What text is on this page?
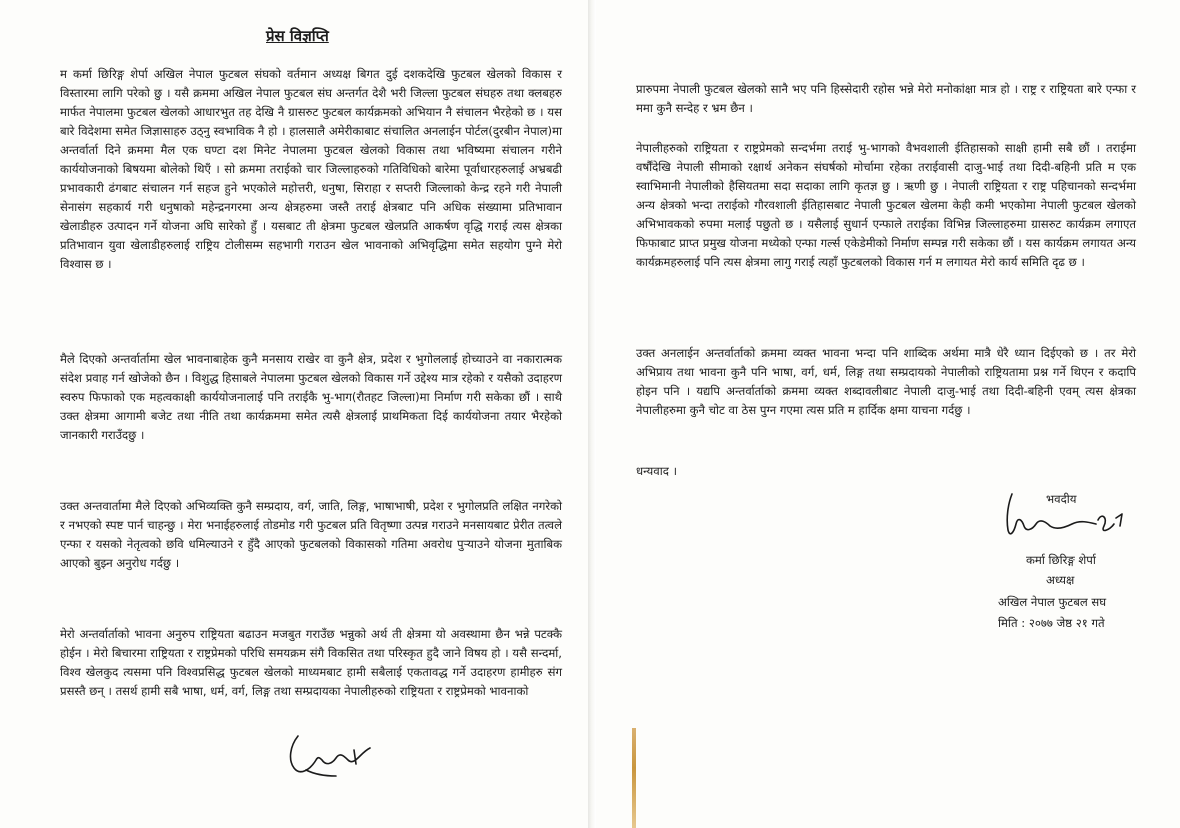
प्रेस विज्ञप्ति

म कर्मा छिरिङ्ग शेर्पा अखिल नेपाल फुटबल संघको वर्तमान अध्यक्ष बिगत दुई दशकदेखि फुटबल खेलको विकास र विस्तारमा लागि परेको छु । यसै क्रममा अखिल नेपाल फुटबल संघ अन्तर्गत देशै भरी जिल्ला फुटबल संघहरु तथा क्लबहरु मार्फत नेपालमा फुटबल खेलको आधारभुत तह देखि नै ग्रासरुट फुटबल कार्यक्रमको अभियान नै संचालन भैरहेको छ । यस बारे विदेशमा समेत जिज्ञासाहरु उठ्नु स्वभाविक नै हो । हालसालै अमेरीकाबाट संचालित अनलाईन पोर्टल(दुरबीन नेपाल)मा अन्तर्वार्ता दिने क्रममा मैल एक घण्टा दश मिनेट नेपालमा फुटबल खेलको विकास तथा भविष्यमा संचालन गरीने कार्ययोजनाको बिषयमा बोलेको थिएँ । सो क्रममा तराईको चार जिल्लाहरुको गतिविधिको बारेमा पूर्वाधारहरुलाई अभ्रबढी प्रभावकारी ढंगबाट संचालन गर्न सहज हुने भएकोले महोत्तरी, धनुषा, सिराहा र सप्तरी जिल्लाको केन्द्र रहने गरी नेपाली सेनासंग सहकार्य गरी धनुषाको महेन्द्रनगरमा अन्य क्षेत्रहरुमा जस्तै तराई क्षेत्रबाट पनि अधिक संख्यामा प्रतिभावान खेलाडीहरु उत्पादन गर्ने योजना अघि सारेको हुँ । यसबाट ती क्षेत्रमा फुटबल खेलप्रति आकर्षण वृद्धि गराई त्यस क्षेत्रका प्रतिभावान युवा खेलाडीहरुलाई राष्ट्रिय टोलीसम्म सहभागी गराउन खेल भावनाको अभिवृद्धिमा समेत सहयोग पुग्ने मेरो विश्वास छ ।

मैले दिएको अन्तर्वार्तामा खेल भावनाबाहेक कुनै मनसाय राखेर वा कुनै क्षेत्र, प्रदेश र भुगोललाई होच्याउने वा नकारात्मक संदेश प्रवाह गर्न खोजेको छैन । विशुद्ध हिसाबले नेपालमा फुटबल खेलको विकास गर्ने उद्देश्य मात्र रहेको र यसैको उदाहरण स्वरुप फिफाको एक महत्वकाक्षी कार्ययोजनालाई पनि तराईकै भु-भाग(रौतहट जिल्ला)मा निर्माण गरी सकेका छौं । साथै उक्त क्षेत्रमा आगामी बजेट तथा नीति तथा कार्यक्रममा समेत त्यसै क्षेत्रलाई प्राथमिकता दिई कार्ययोजना तयार भैरहेको जानकारी गराउँदछु ।

उक्त अन्तवार्तामा मैले दिएको अभिव्यक्ति कुनै सम्प्रदाय, वर्ग, जाति, लिङ्ग, भाषाभाषी, प्रदेश र भुगोलप्रति लक्षित नगरेको र नभएको स्पष्ट पार्न चाहन्छु । मेरा भनाईहरुलाई तोडमोड गरी फुटबल प्रति वितृष्णा उत्पन्न गराउने मनसायबाट प्रेरीत तत्वले एन्फा र यसको नेतृत्वको छवि धमिल्याउने र हुँदै आएको फुटबलको विकासको गतिमा अवरोध पुऱ्याउने योजना मुताबिक आएको बुझ्न अनुरोध गर्दछु ।

मेरो अन्तर्वार्ताको भावना अनुरुप राष्ट्रियता बढाउन मजबुत गराउँछ भन्नुको अर्थ ती क्षेत्रमा यो अवस्थामा छैन भन्ने पटक्कै होईन । मेरो बिचारमा राष्ट्रियता र राष्ट्रप्रेमको परिधि समयक्रम संगै विकसित तथा परिस्कृत हुदै जाने विषय हो । यसै सन्दर्मा, विश्व खेलकुद त्यसमा पनि विश्वप्रसिद्ध फुटबल खेलको माध्यमबाट हामी सबैलाई एकतावद्ध गर्ने उदाहरण हामीहरु संग प्रसस्तै छन् । तसर्थ हामी सबै भाषा, धर्म, वर्ग, लिङ्ग तथा सम्प्रदायका नेपालीहरुको राष्ट्रियता र राष्ट्रप्रेमको भावनाको

प्रारुपमा नेपाली फुटबल खेलको सानै भए पनि हिस्सेदारी रहोस भन्ने मेरो मनोकांक्षा मात्र हो । राष्ट्र र राष्ट्रियता बारे एन्फा र ममा कुनै सन्देह र भ्रम छैन ।

नेपालीहरुको राष्ट्रियता र राष्ट्रप्रेमको सन्दर्भमा तराई भु-भागको वैभवशाली ईतिहासको साक्षी हामी सबै छौं । तराईमा वर्षौंदेखि नेपाली सीमाको रक्षार्थ अनेकन संघर्षको मोर्चामा रहेका तराईवासी दाजु-भाई तथा दिदी-बहिनी प्रति म एक स्वाभिमानी नेपालीको हैसियतमा सदा सदाका लागि कृतज्ञ छु । ऋणी छु । नेपाली राष्ट्रियता र राष्ट्र पहिचानको सन्दर्भमा अन्य क्षेत्रको भन्दा तराईको गौरवशाली ईतिहासबाट नेपाली फुटबल खेलमा केही कमी भएकोमा नेपाली फुटबल खेलको अभिभावकको रुपमा मलाई पछुतो छ । यसैलाई सुधार्न एन्फाले तराईका विभिन्न जिल्लाहरुमा ग्रासरुट कार्यक्रम लगाएत फिफाबाट प्राप्त प्रमुख योजना मध्येको एन्फा गर्ल्स एकेडेमीको निर्माण सम्पन्न गरी सकेका छौं । यस कार्यक्रम लगायत अन्य कार्यक्रमहरुलाई पनि त्यस क्षेत्रमा लागु गराई त्यहाँ फुटबलको विकास गर्न म लगायत मेरो कार्य समिति दृढ छ ।

उक्त अनलाईन अन्तर्वार्ताको क्रममा व्यक्त भावना भन्दा पनि शाब्दिक अर्थमा मात्रै धेरै ध्यान दिईएको छ । तर मेरो अभिप्राय तथा भावना कुनै पनि भाषा, वर्ग, धर्म, लिङ्ग तथा सम्प्रदायको नेपालीको राष्ट्रियतामा प्रश्न गर्ने थिएन र कदापि होइन पनि । यद्यपि अन्तर्वार्ताको क्रममा व्यक्त शब्दावलीबाट नेपाली दाजु-भाई तथा दिदी-बहिनी एवम् त्यस क्षेत्रका नेपालीहरुमा कुनै चोट वा ठेस पुग्न गएमा त्यस प्रति म हार्दिक क्षमा याचना गर्दछु ।

धन्यवाद ।

भवदीय

कर्मा छिरिङ्ग शेर्पा

अध्यक्ष

अखिल नेपाल फुटबल सघ

मिति : २०७७ जेष्ठ २१ गते
